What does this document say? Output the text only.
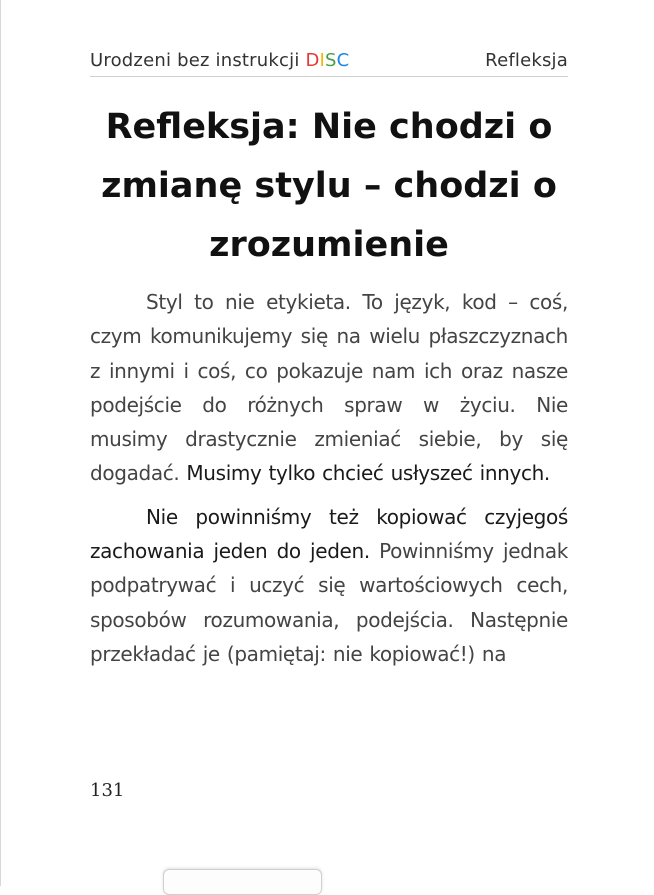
Urodzeni bez instrukcji DISC	Refleksja
Refleksja: Nie chodzi o zmianę stylu – chodzi o zrozumienie

Styl to nie etykieta. To język, kod – coś, czym komunikujemy się na wielu płaszczyznach z innymi i coś, co pokazuje nam ich oraz nasze podejście do różnych spraw w życiu. Nie musimy drastycznie zmieniać siebie, by się dogadać. Musimy tylko chcieć usłyszeć innych.

Nie powinniśmy też kopiować czyjegoś zachowania jeden do jeden. Powinniśmy jednak podpatrywać i uczyć się wartościowych cech, sposobów rozumowania, podejścia. Następnie przekładać je (pamiętaj: nie kopiować!) na

131
